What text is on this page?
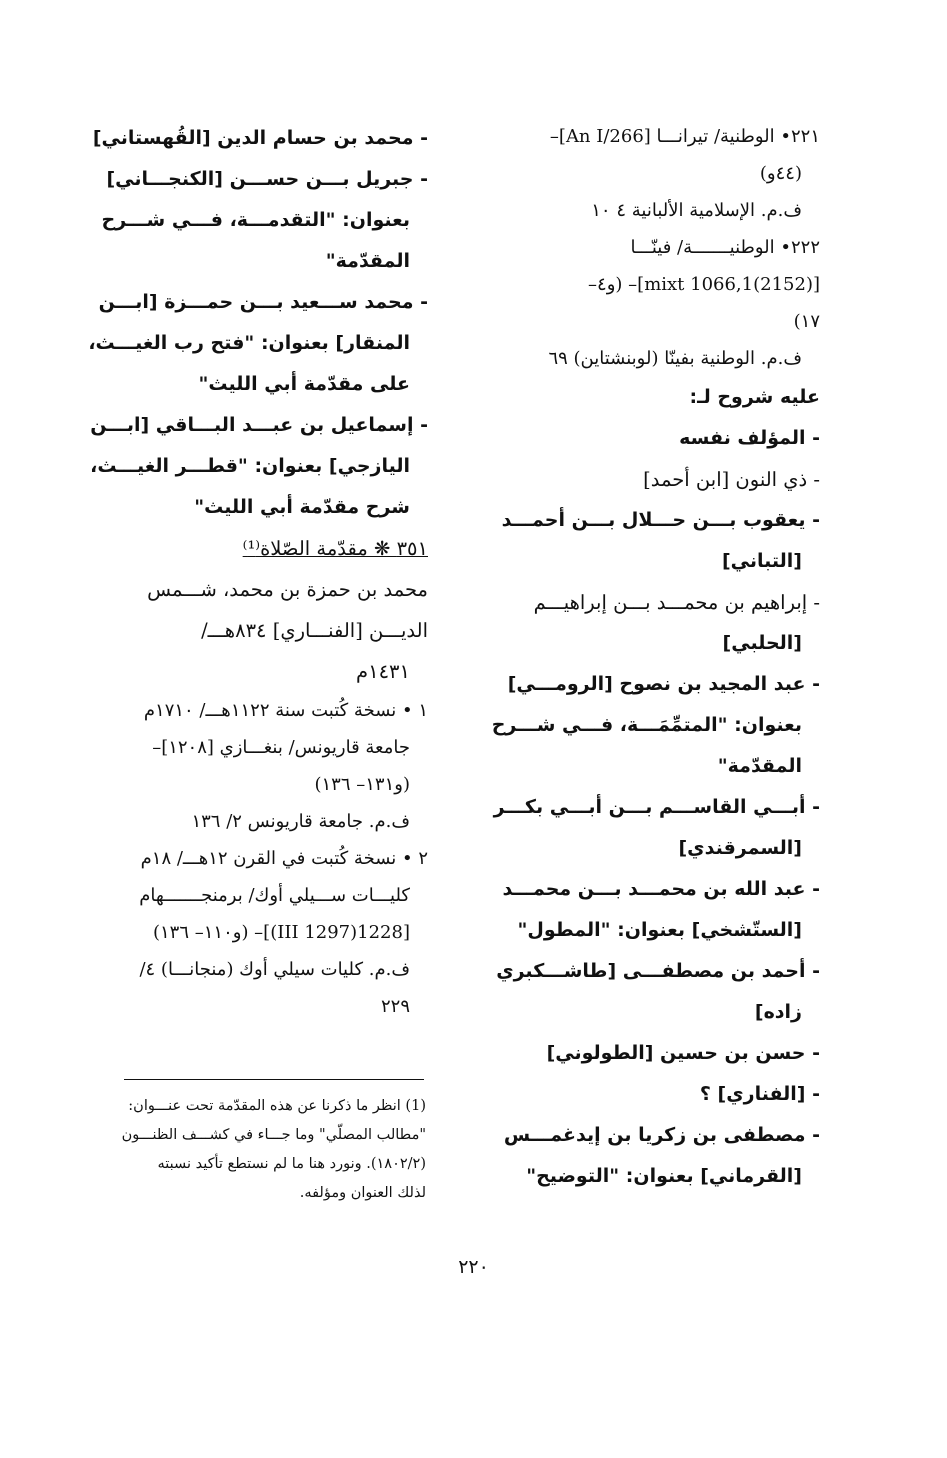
٢٢١• الوطنية/ تيرانـــا [An I/266]–
(٤٤و)
ف.م. الإسلامية الألبانية ٤ ١٠
٢٢٢• الوطنيـــــــة/ فينّـــا
[(2152)mixt 1066,1]– (و٤–
١٧)
ف.م. الوطنية بفينّا (لوبنشتاين) ٦٩
عليه شروح لـ:
- المؤلف نفسه
- ذي النون [ابن أحمد]
- يعقوب بـــن حـــلال بـــن أحمـــد
[التباني]
- إبراهيم بن محمـــد بـــن إبراهيـــم
[الحلبي]
- عبد المجيد بن نصوح [الرومـــي]
بعنوان: "المتمِّمَـــة، فـــي شـــرح
المقدّمة"
- أبـــي القاســـم بـــن أبـــي بكـــر
[السمرقندي]
- عبد الله بن محمـــد بـــن محمـــد
[الستّشخي] بعنوان: "المطول"
- أحمد بن مصطفـــى [طاشـــكبري
زاده]
- حسن بن حسين [الطولوني]
- [الفناري] ؟
- مصطفى بن زكريا بن إيدغمـــس
[القرماني] بعنوان: "التوضيح"
- محمد بن حسام الدين [القُهستاني]
- جبريل بـــن حســـن [الكنجـــاني]
بعنوان: "التقدمـــة، فـــي شـــرح
المقدّمة"
- محمد ســـعيد بـــن حمـــزة [ابـــن
المنقار] بعنوان: "فتح رب الغيـــث،
على مقدّمة أبي الليث"
- إسماعيل بن عبـــد البـــاقي [ابـــن
اليازجي] بعنوان: "قطـــر الغيـــث،
شرح مقدّمة أبي الليث"
٣٥١ ❋ مقدّمة الصّلاة⁽¹⁾
محمد بن حمزة بن محمد، شـــمس
الديـــن [الفنـــاري] ٨٣٤هـــ/
١٤٣١م
١ • نسخة كُتبت سنة ١١٢٢هـــ/ ١٧١٠م
جامعة قاريونس/ بنغـــازي [١٢٠٨]–
(و١٣١– ١٣٦)
ف.م. جامعة قاريونس ٢/ ١٣٦
٢ • نسخة كُتبت في القرن ١٢هـــ/ ١٨م
كليـــات ســـيلي أوك/ برمنجـــــــهام
[1228(1297 III)]– (و١١٠– ١٣٦)
ف.م. كليات سيلي أوك (منجانـــا) ٤/
٢٢٩
(1) انظر ما ذكرنا عن هذه المقدّمة تحت عنـــوان:
"مطالب المصلّي" وما جـــاء في كشـــف الظنـــون
(١٨٠٢/٢). ونورد هنا ما لم نستطع تأكيد نسبته
لذلك العنوان ومؤلفه.
٢٢٠
